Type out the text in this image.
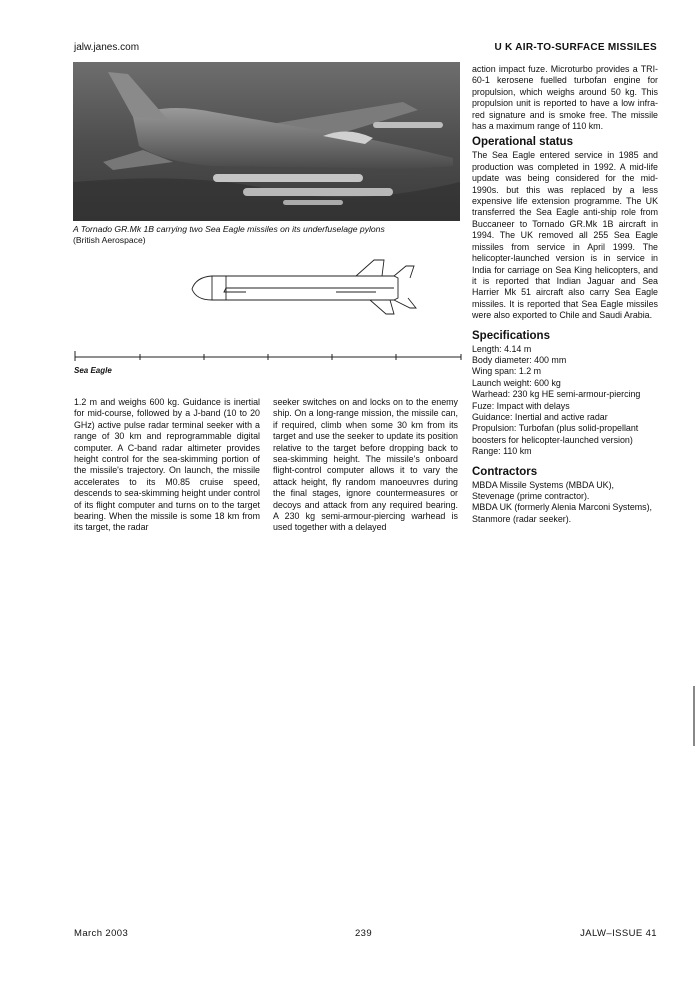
jalw.janes.com	U K AIR-TO-SURFACE MISSILES
A Tornado GR.Mk 1B carrying two Sea Eagle missiles on its underfuselage pylons
(British Aerospace)
Sea Eagle

1.2 m and weighs 600 kg. Guidance is inertial for mid-course, followed by a J-band (10 to 20 GHz) active pulse radar terminal seeker with a range of 30 km and reprogrammable digital computer. A C-band radar altimeter provides height control for the sea-skimming portion of the missile's trajectory. On launch, the missile accelerates to its M0.85 cruise speed, descends to sea-skimming height under control of its flight computer and turns on to the target bearing. When the missile is some 18 km from its target, the radar

seeker switches on and locks on to the enemy ship. On a long-range mission, the missile can, if required, climb when some 30 km from its target and use the seeker to update its position relative to the target before dropping back to sea-skimming height. The missile's onboard flight-control computer allows it to vary the attack height, fly random manoeuvres during the final stages, ignore countermeasures or decoys and attack from any required bearing. A 230 kg semi-armour-piercing warhead is used together with a delayed

action impact fuze. Microturbo provides a TRI-60-1 kerosene fuelled turbofan engine for propulsion, which weighs around 50 kg. This propulsion unit is reported to have a low infra-red signature and is smoke free. The missile has a maximum range of 110 km.

Operational status

The Sea Eagle entered service in 1985 and production was completed in 1992. A mid-life update was being considered for the mid-1990s. but this was replaced by a less expensive life extension programme. The UK transferred the Sea Eagle anti-ship role from Buccaneer to Tornado GR.Mk 1B aircraft in 1994. The UK removed all 255 Sea Eagle missiles from service in April 1999. The helicopter-launched version is in service in India for carriage on Sea King helicopters, and it is reported that Indian Jaguar and Sea Harrier Mk 51 aircraft also carry Sea Eagle missiles. It is reported that Sea Eagle missiles were also exported to Chile and Saudi Arabia.

Specifications

Length: 4.14 m

Body diameter: 400 mm

Wing span: 1.2 m

Launch weight: 600 kg

Warhead: 230 kg HE semi-armour-piercing

Fuze: Impact with delays

Guidance: Inertial and active radar

Propulsion: Turbofan (plus solid-propellant boosters for helicopter-launched version)

Range: 110 km

Contractors

MBDA Missile Systems (MBDA UK), Stevenage (prime contractor).

MBDA UK (formerly Alenia Marconi Systems), Stanmore (radar seeker).

March 2003	239	JALW–ISSUE 41
